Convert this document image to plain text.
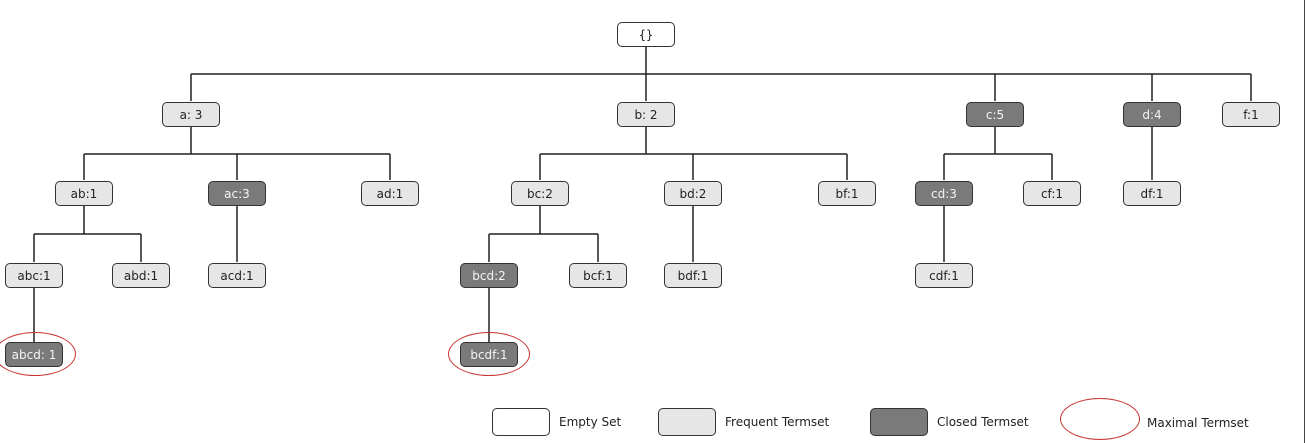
{}
a: 3	b: 2	c:5	d:4	f:1
ab:1	ac:3	ad:1	bc:2	bd:2	bf:1	cd:3	cf:1	df:1
abc:1	abd:1	acd:1	bcd:2	bcf:1	bdf:1	cdf:1
abcd: 1	bcdf:1
Empty Set	Frequent Termset	Closed Termset	Maximal Termset
